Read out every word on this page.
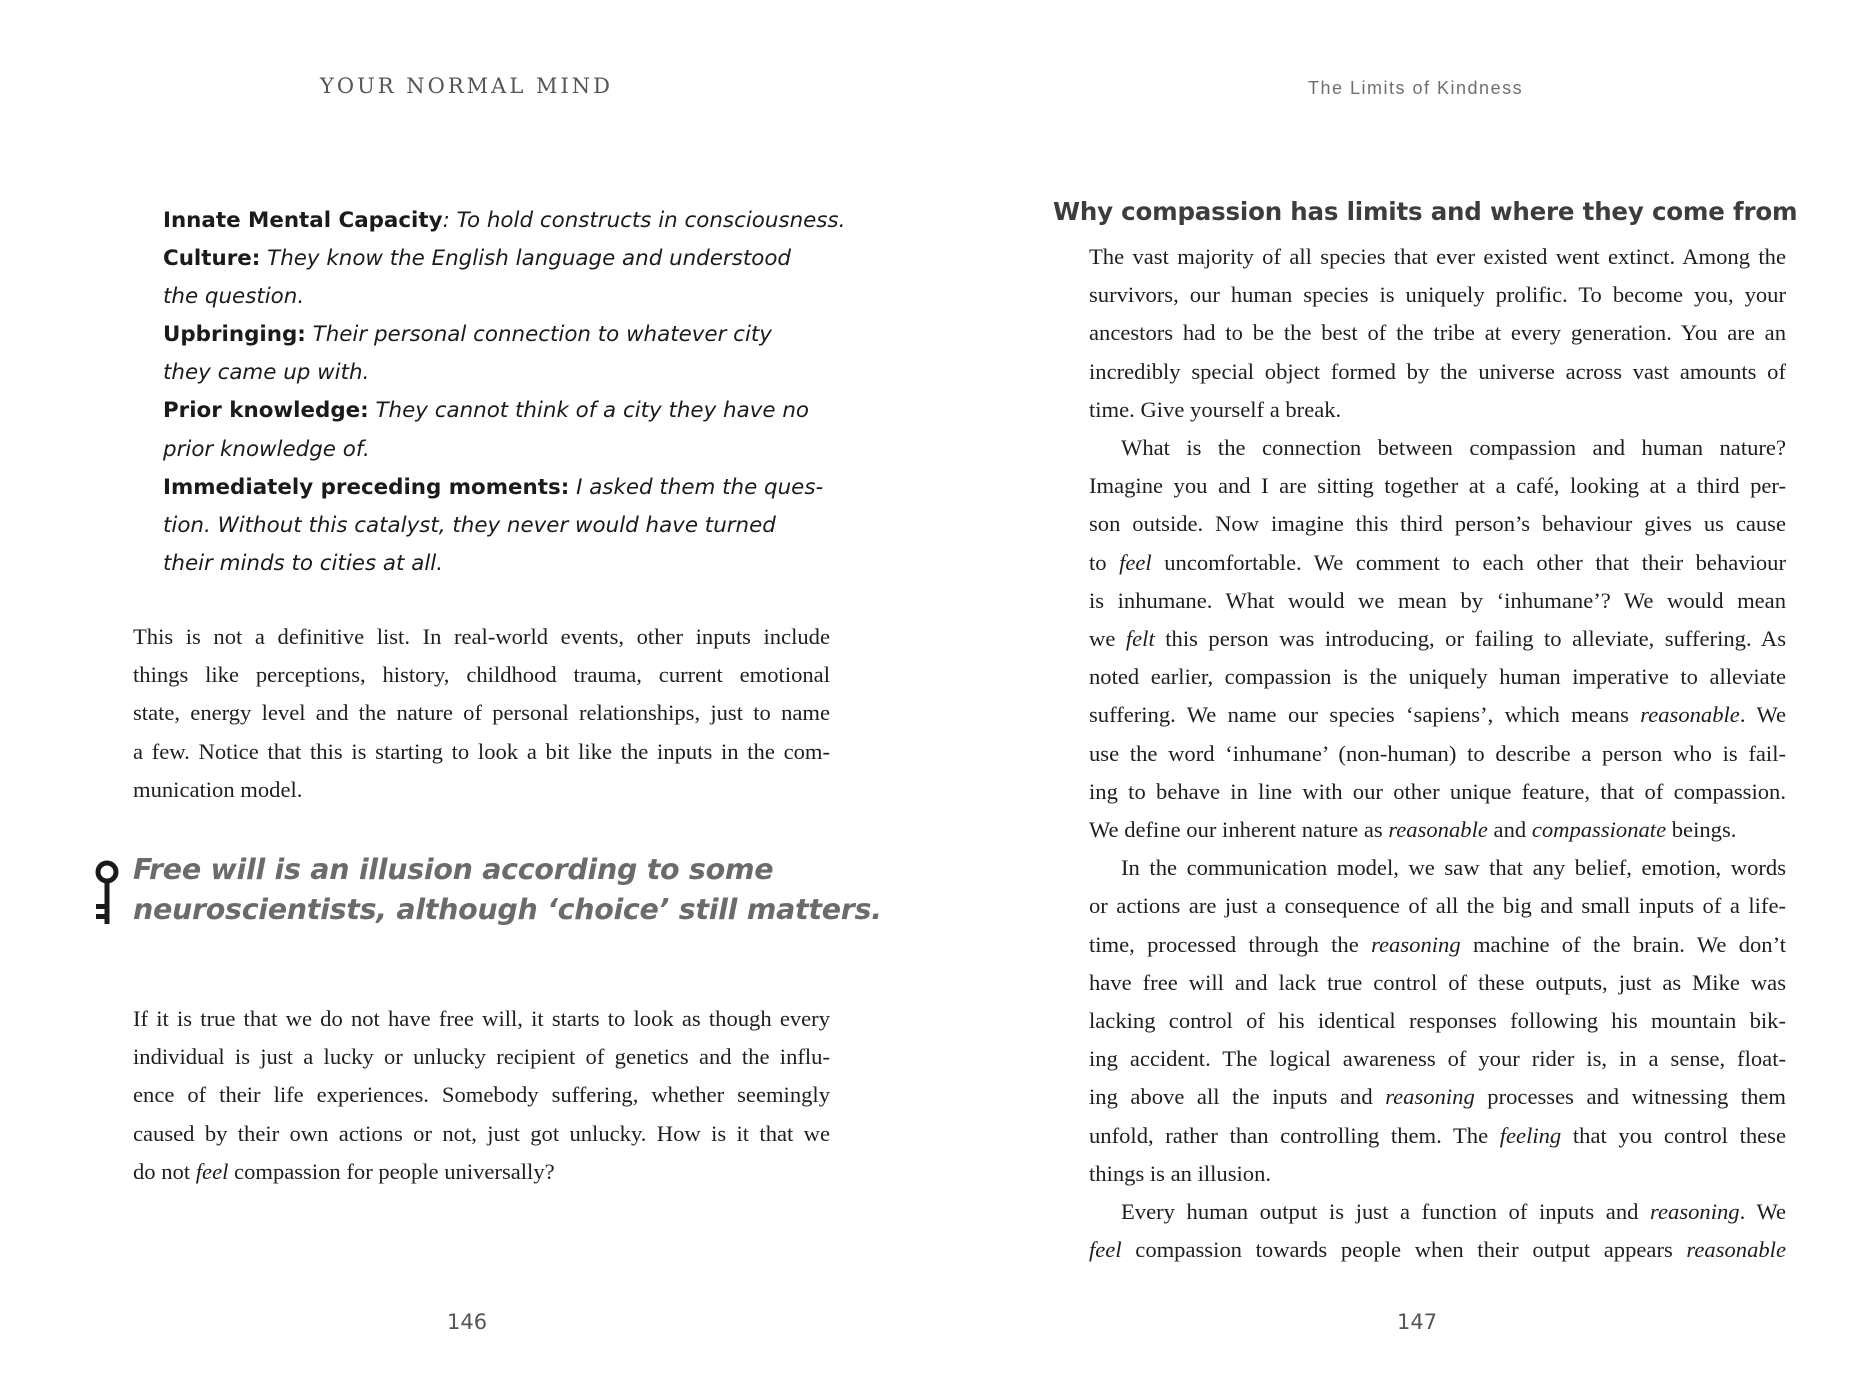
YOUR NORMAL MIND
Innate Mental Capacity: To hold constructs in consciousness.
Culture: They know the English language and understood
the question.
Upbringing: Their personal connection to whatever city
they came up with.
Prior knowledge: They cannot think of a city they have no
prior knowledge of.
Immediately preceding moments: I asked them the ques-
tion. Without this catalyst, they never would have turned
their minds to cities at all.
This is not a definitive list. In real-world events, other inputs include
things like perceptions, history, childhood trauma, current emotional
state, energy level and the nature of personal relationships, just to name
a few. Notice that this is starting to look a bit like the inputs in the com-
munication model.
Free will is an illusion according to some
neuroscientists, although ‘choice’ still matters.
If it is true that we do not have free will, it starts to look as though every
individual is just a lucky or unlucky recipient of genetics and the influ-
ence of their life experiences. Somebody suffering, whether seemingly
caused by their own actions or not, just got unlucky. How is it that we
do not feel compassion for people universally?
146
The Limits of Kindness
Why compassion has limits and where they come from
The vast majority of all species that ever existed went extinct. Among the
survivors, our human species is uniquely prolific. To become you, your
ancestors had to be the best of the tribe at every generation. You are an
incredibly special object formed by the universe across vast amounts of
time. Give yourself a break.
What is the connection between compassion and human nature?
Imagine you and I are sitting together at a café, looking at a third per-
son outside. Now imagine this third person’s behaviour gives us cause
to feel uncomfortable. We comment to each other that their behaviour
is inhumane. What would we mean by ‘inhumane’? We would mean
we felt this person was introducing, or failing to alleviate, suffering. As
noted earlier, compassion is the uniquely human imperative to alleviate
suffering. We name our species ‘sapiens’, which means reasonable. We
use the word ‘inhumane’ (non-human) to describe a person who is fail-
ing to behave in line with our other unique feature, that of compassion.
We define our inherent nature as reasonable and compassionate beings.
In the communication model, we saw that any belief, emotion, words
or actions are just a consequence of all the big and small inputs of a life-
time, processed through the reasoning machine of the brain. We don’t
have free will and lack true control of these outputs, just as Mike was
lacking control of his identical responses following his mountain bik-
ing accident. The logical awareness of your rider is, in a sense, float-
ing above all the inputs and reasoning processes and witnessing them
unfold, rather than controlling them. The feeling that you control these
things is an illusion.
Every human output is just a function of inputs and reasoning. We
feel compassion towards people when their output appears reasonable
147
